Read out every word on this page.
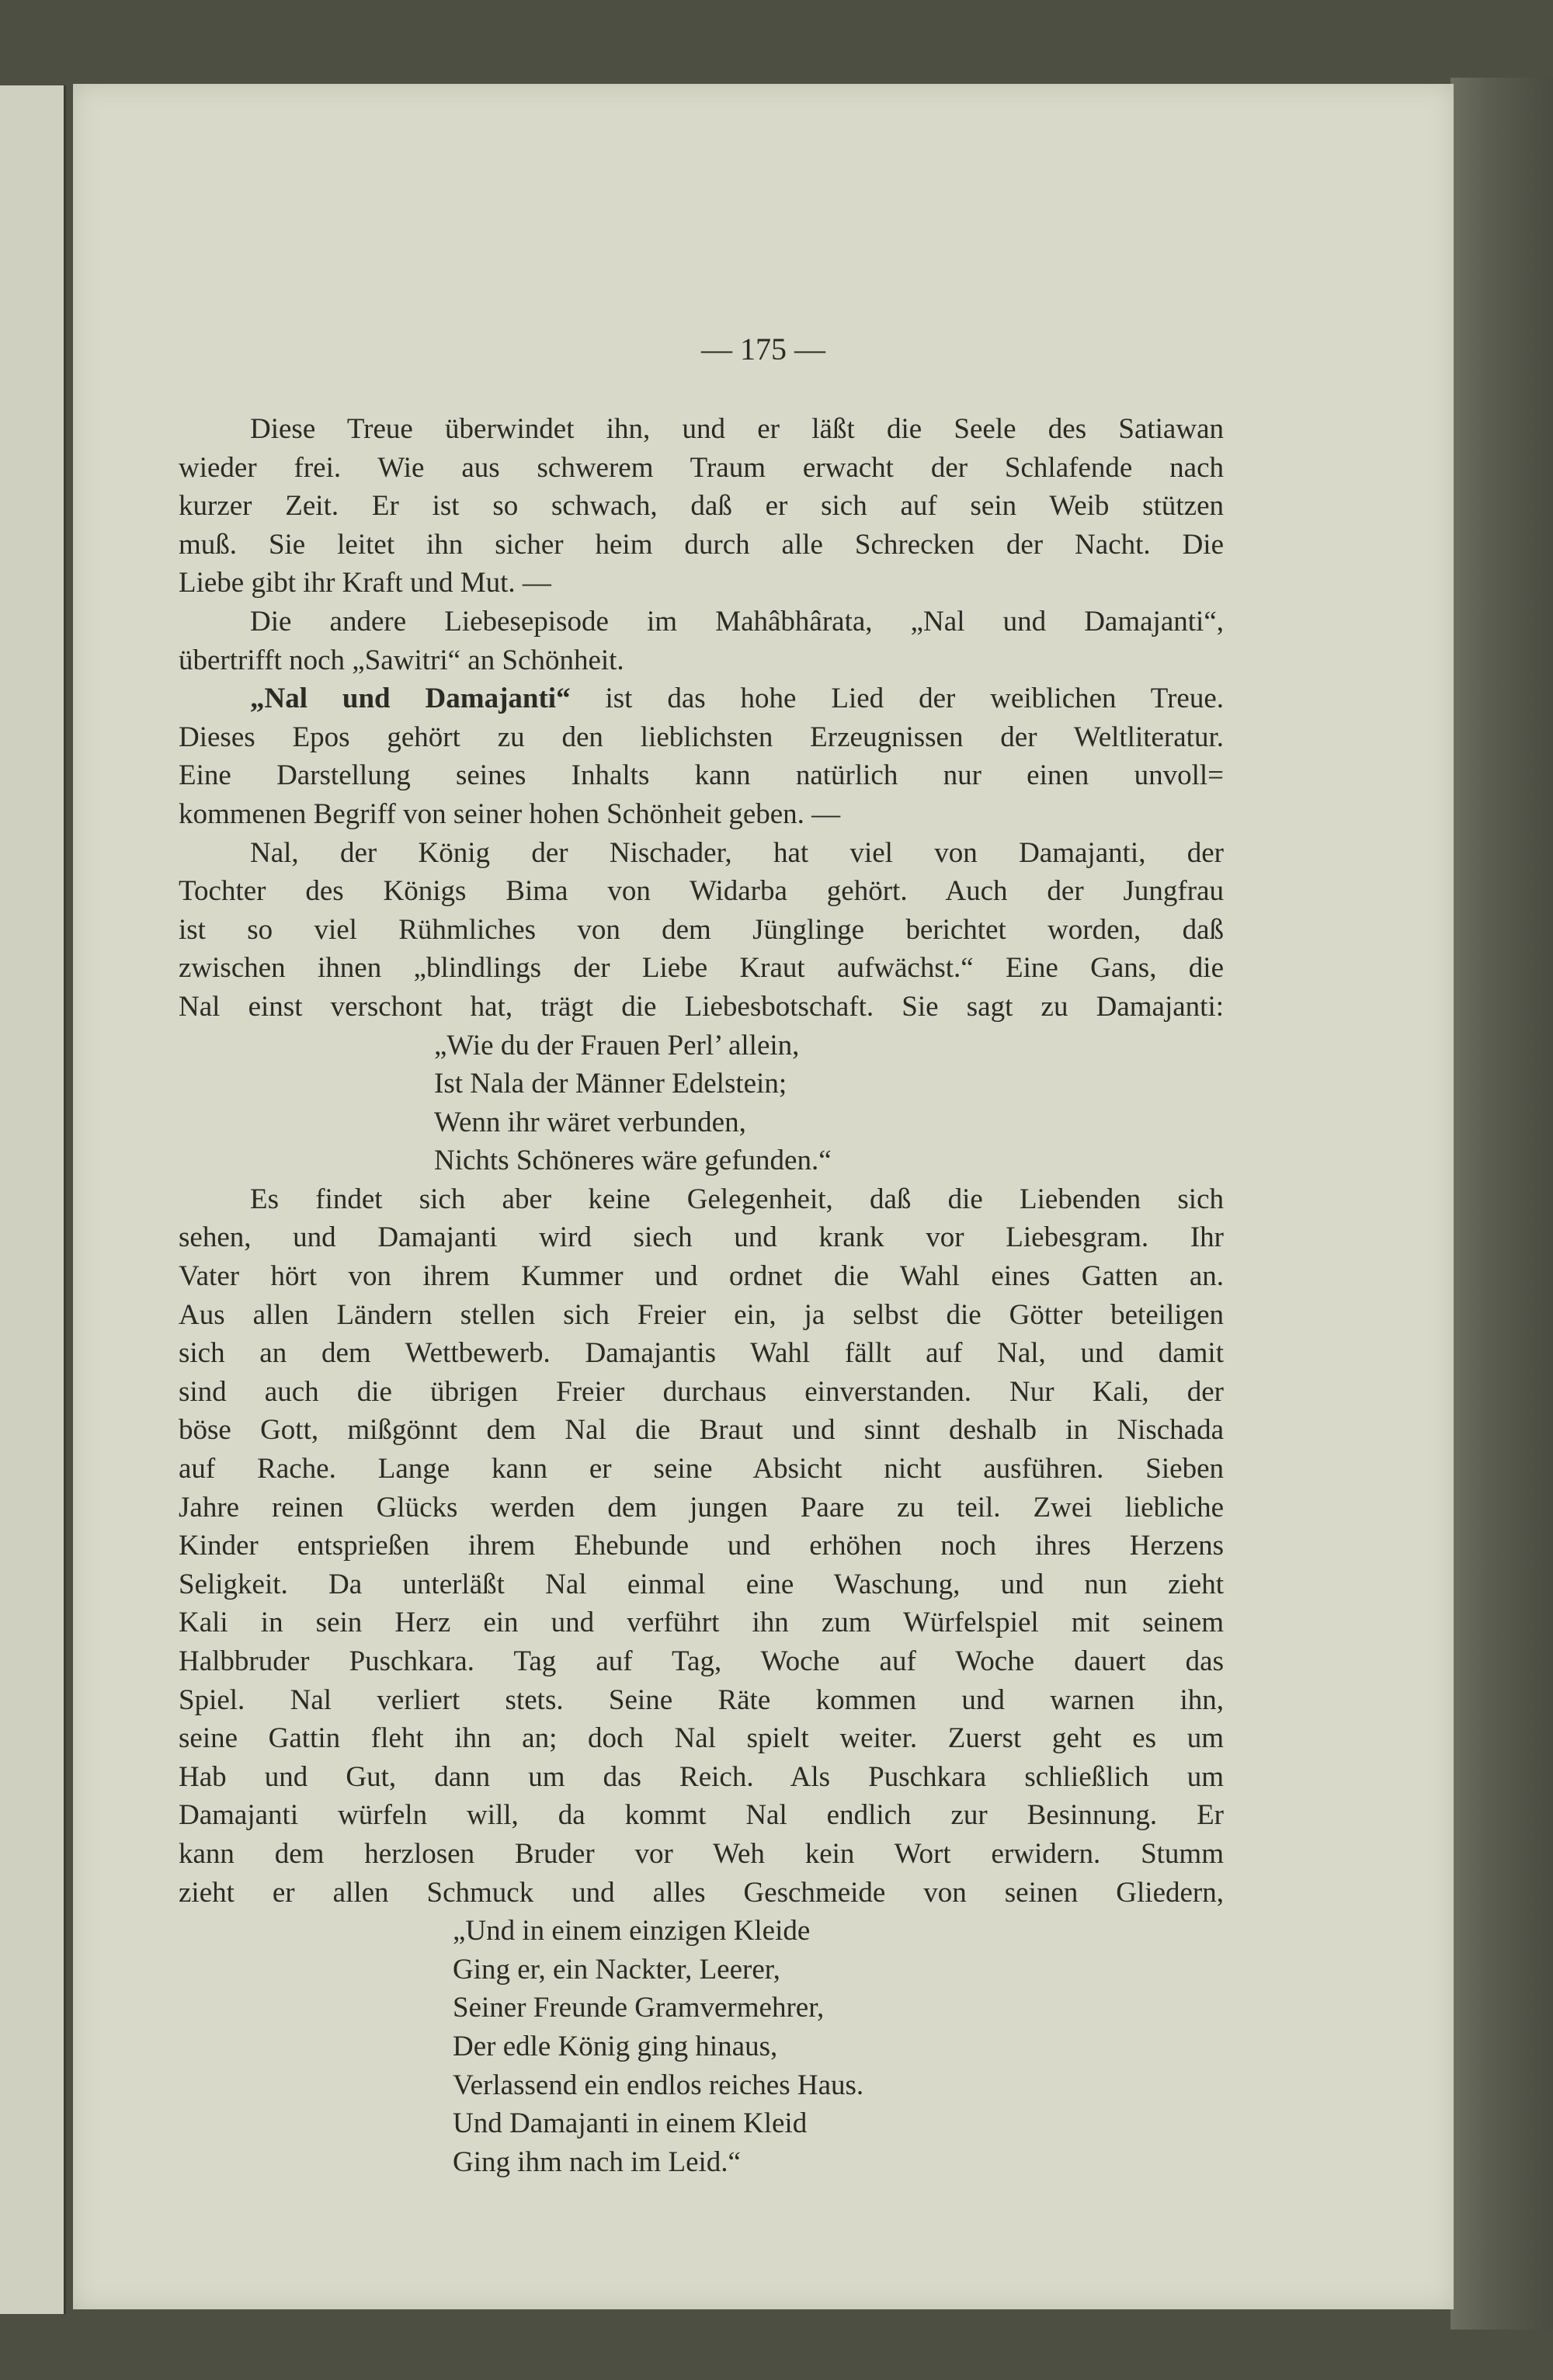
— 175 —
Diese Treue überwindet ihn, und er läßt die Seele des Satiawan
wieder frei. Wie aus schwerem Traum erwacht der Schlafende nach
kurzer Zeit. Er ist so schwach, daß er sich auf sein Weib stützen
muß. Sie leitet ihn sicher heim durch alle Schrecken der Nacht. Die
Liebe gibt ihr Kraft und Mut. —
Die andere Liebesepisode im Mahâbhârata, „Nal und Damajanti“,
übertrifft noch „Sawitri“ an Schönheit.
„Nal und Damajanti“ ist das hohe Lied der weiblichen Treue.
Dieses Epos gehört zu den lieblichsten Erzeugnissen der Weltliteratur.
Eine Darstellung seines Inhalts kann natürlich nur einen unvoll=
kommenen Begriff von seiner hohen Schönheit geben. —
Nal, der König der Nischader, hat viel von Damajanti, der
Tochter des Königs Bima von Widarba gehört. Auch der Jungfrau
ist so viel Rühmliches von dem Jünglinge berichtet worden, daß
zwischen ihnen „blindlings der Liebe Kraut aufwächst.“ Eine Gans, die
Nal einst verschont hat, trägt die Liebesbotschaft. Sie sagt zu Damajanti:
„Wie du der Frauen Perl’ allein,
Ist Nala der Männer Edelstein;
Wenn ihr wäret verbunden,
Nichts Schöneres wäre gefunden.“
Es findet sich aber keine Gelegenheit, daß die Liebenden sich
sehen, und Damajanti wird siech und krank vor Liebesgram. Ihr
Vater hört von ihrem Kummer und ordnet die Wahl eines Gatten an.
Aus allen Ländern stellen sich Freier ein, ja selbst die Götter beteiligen
sich an dem Wettbewerb. Damajantis Wahl fällt auf Nal, und damit
sind auch die übrigen Freier durchaus einverstanden. Nur Kali, der
böse Gott, mißgönnt dem Nal die Braut und sinnt deshalb in Nischada
auf Rache. Lange kann er seine Absicht nicht ausführen. Sieben
Jahre reinen Glücks werden dem jungen Paare zu teil. Zwei liebliche
Kinder entsprießen ihrem Ehebunde und erhöhen noch ihres Herzens
Seligkeit. Da unterläßt Nal einmal eine Waschung, und nun zieht
Kali in sein Herz ein und verführt ihn zum Würfelspiel mit seinem
Halbbruder Puschkara. Tag auf Tag, Woche auf Woche dauert das
Spiel. Nal verliert stets. Seine Räte kommen und warnen ihn,
seine Gattin fleht ihn an; doch Nal spielt weiter. Zuerst geht es um
Hab und Gut, dann um das Reich. Als Puschkara schließlich um
Damajanti würfeln will, da kommt Nal endlich zur Besinnung. Er
kann dem herzlosen Bruder vor Weh kein Wort erwidern. Stumm
zieht er allen Schmuck und alles Geschmeide von seinen Gliedern,
„Und in einem einzigen Kleide
Ging er, ein Nackter, Leerer,
Seiner Freunde Gramvermehrer,
Der edle König ging hinaus,
Verlassend ein endlos reiches Haus.
Und Damajanti in einem Kleid
Ging ihm nach im Leid.“
